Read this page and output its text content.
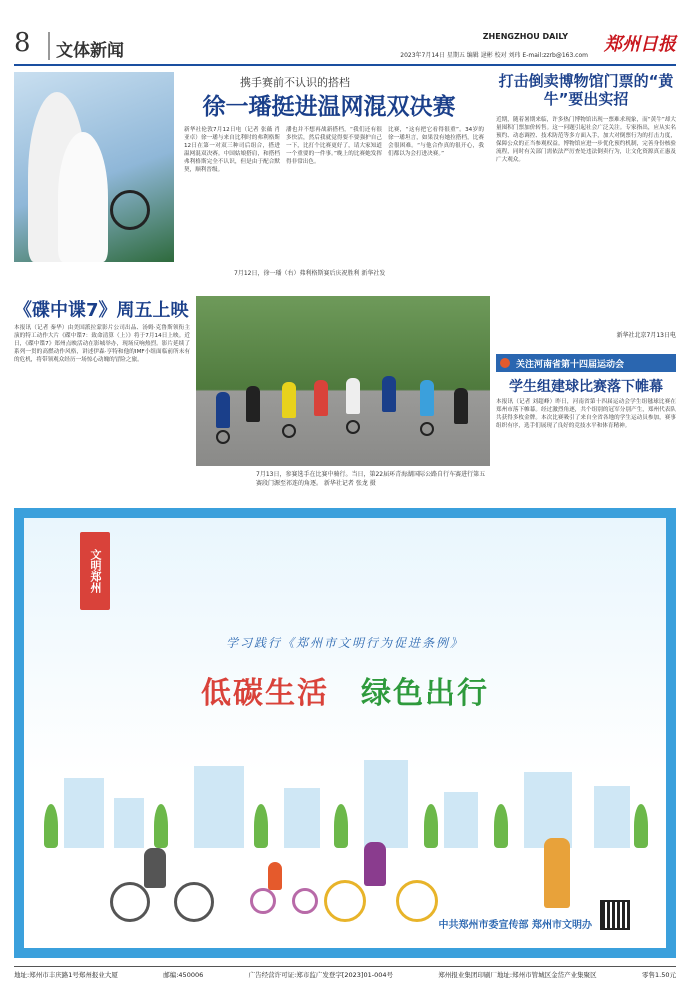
8 文体新闻
ZHENGZHOU DAILY 郑州日报
2023年7月14日 星期五 编辑 逯彬 校对 刘玮 E-mail:zzrb@163.com
携手赛前不认识的搭档
徐一璠挺进温网混双决赛

新华社伦敦7月12日电（记者 张薇 肖亚卓）徐一璠与来自比利时的弗利格斯12日在第一对双三种司后组合，搭进温网混双决赛。中国姑娘搭肩，和搭档弗利格斯完全不认识，但是由于配合默契，顺利晋级。

潘也并不想再战新搭档，“我们还有很多快活，然后我就觉得要不要强护自己一下，比打个比赛更好了，请大家知道一个重要的一件事。”晚上的比赛她发挥得非常出色。

比赛，“这有把它看得很重”。34岁的徐一璠坦言，如果没有她拉搭档，比赛会很困难。“与他合作真的很开心，我们都以为会打进决赛。”

7月12日，徐一璠（右）弗利格斯赛后庆祝胜利 新华社发
打击倒卖博物馆门票的“黄牛”要出实招
近期，随着暑期来临，许多热门博物馆出现一票难求现象，而“黄牛”却大量囤积门票加价转售。这一问题引起社会广泛关注。专家指出，应从实名预约、动态调控、技术防范等多方面入手，加大对倒票行为的打击力度，保障公众的正当参观权益。博物馆应进一步优化预约机制，完善身份核验流程，同时有关部门需依法严厉查处违法倒卖行为，让文化资源真正惠及广大观众。
新华社北京7月13日电
关注河南省第十四届运动会
学生组建球比赛落下帷幕
本报讯（记者 刘超峰）昨日，河南省第十四届运动会学生组毽球比赛在郑州市落下帷幕。经过激烈角逐，共个组别的冠军分别产生，郑州代表队共获得多枚金牌。本次比赛吸引了来自全省各地的学生运动员参加，赛事组织有序，选手们展现了良好的竞技水平和体育精神。
《碟中谍7》周五上映
本报讯（记者 秦华）由美国派拉蒙影片公司出品、汤姆·克鲁斯领衔主演的特工动作大片《碟中谍7：致命清算（上）》将于7月14日上映。近日，《碟中谍7》郑州点映活动在影城举办，现场反响热烈。影片延续了系列一贯的高燃动作风格，讲述伊森·亨特和他的IMF小组面临前所未有的危机，将带领观众经历一场惊心动魄的冒险之旅。
7月13日，参赛选手在比赛中骑行。当日，第22届环青海湖国际公路自行车赛进行第五赛段门源至祁连的角逐。 新华社记者 张龙 摄
文明郑州
学习践行《郑州市文明行为促进条例》
低碳生活 绿色出行
中共郑州市委宣传部 郑州市文明办
地址:郑州市丰庆路1号郑州报业大厦	邮编:450006	广告经营许可证:郑市监广发登字[2023]01-004号	郑州报业集团印刷厂地址:郑州市管城区金岱产业集聚区	零售1.50元
